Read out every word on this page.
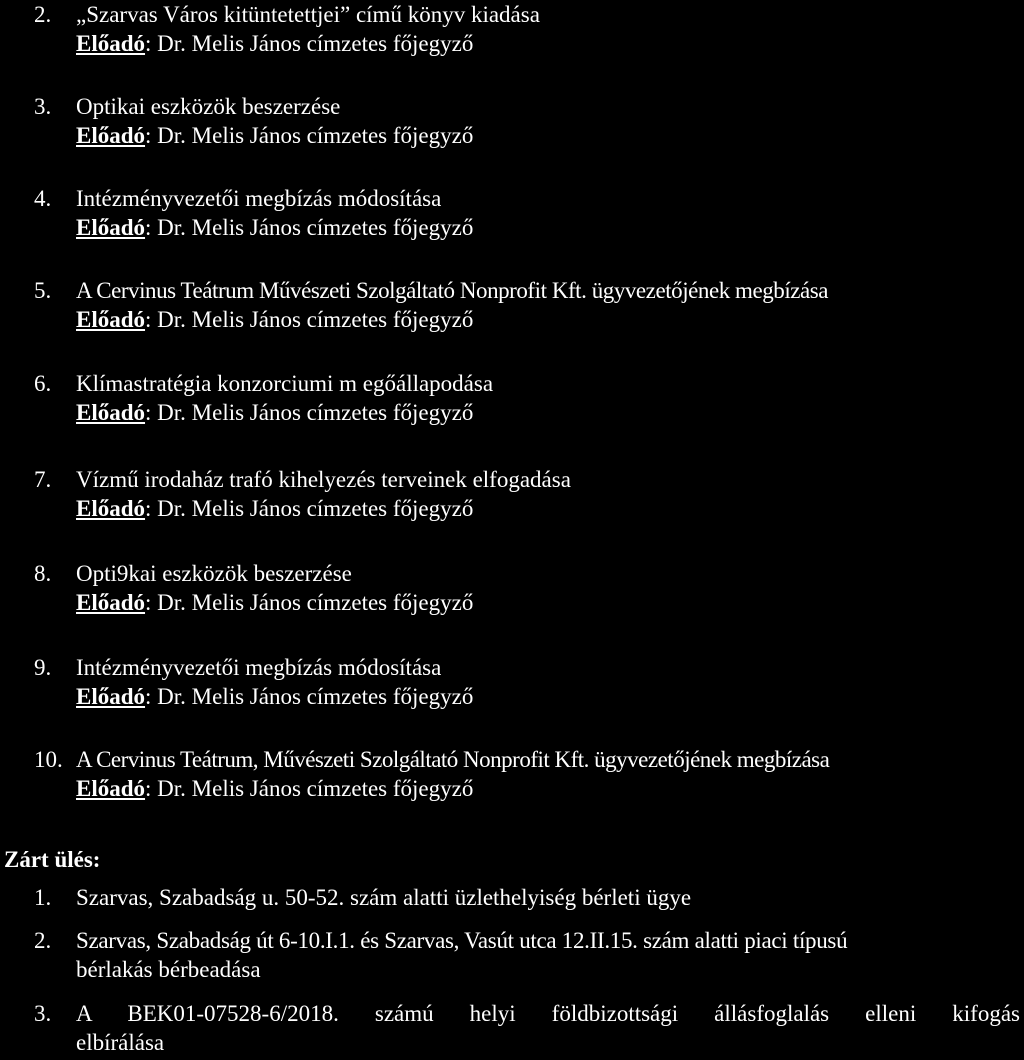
2.	„Szarvas Város kitüntetettjei” című könyv kiadása
Előadó: Dr. Melis János címzetes főjegyző
3.	Optikai eszközök beszerzése
Előadó: Dr. Melis János címzetes főjegyző
4.	Intézményvezetői megbízás módosítása
Előadó: Dr. Melis János címzetes főjegyző
5.	A Cervinus Teátrum Művészeti Szolgáltató Nonprofit Kft. ügyvezetőjének megbízása
Előadó: Dr. Melis János címzetes főjegyző
6.	Klímastratégia konzorciumi m egőállapodása
Előadó: Dr. Melis János címzetes főjegyző
7.	Vízmű irodaház trafó kihelyezés terveinek elfogadása
Előadó: Dr. Melis János címzetes főjegyző
8.	Opti9kai eszközök beszerzése
Előadó: Dr. Melis János címzetes főjegyző
9.	Intézményvezetői megbízás módosítása
Előadó: Dr. Melis János címzetes főjegyző
10. A Cervinus Teátrum, Művészeti Szolgáltató Nonprofit Kft. ügyvezetőjének megbízása
Előadó: Dr. Melis János címzetes főjegyző
Zárt ülés:
1.	Szarvas, Szabadság u. 50-52. szám alatti üzlethelyiség bérleti ügye
2.	Szarvas, Szabadság út 6-10.I.1. és Szarvas, Vasút utca 12.II.15. szám alatti piaci típusú
bérlakás bérbeadása
3.	A BEK01-07528-6/2018. számú helyi földbizottsági állásfoglalás elleni kifogás
elbírálása
